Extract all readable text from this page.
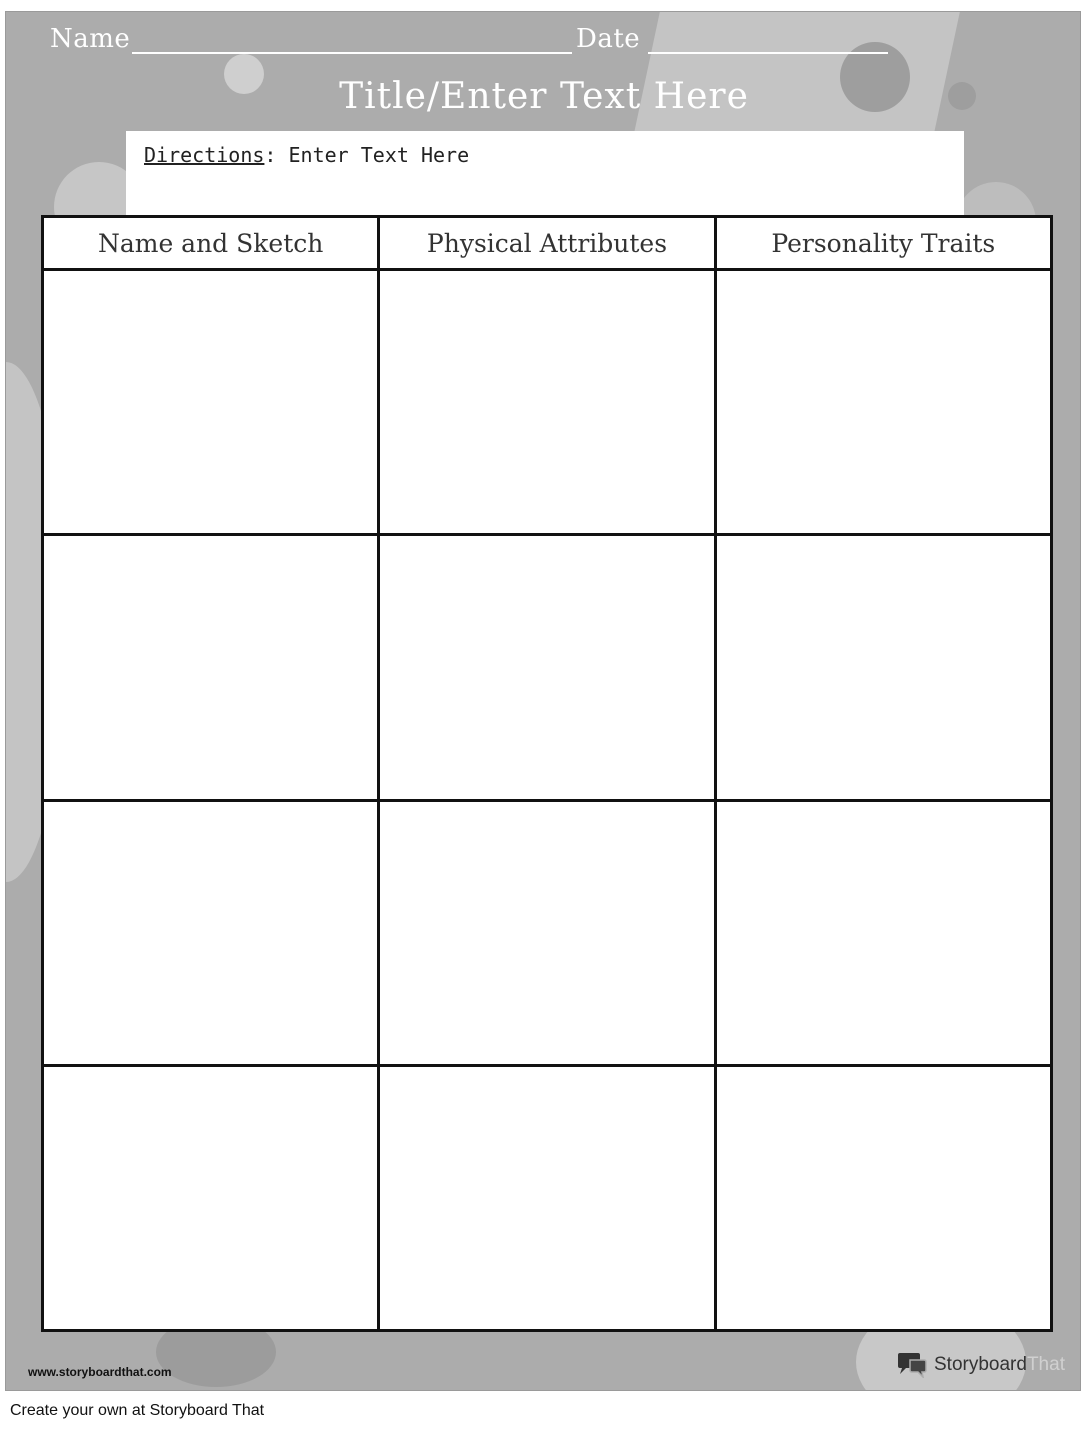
Name	Date
Title/Enter Text Here
Directions: Enter Text Here
Name and Sketch	Physical Attributes	Personality Traits

www.storyboardthat.com	Storyboard That
Create your own at Storyboard That
